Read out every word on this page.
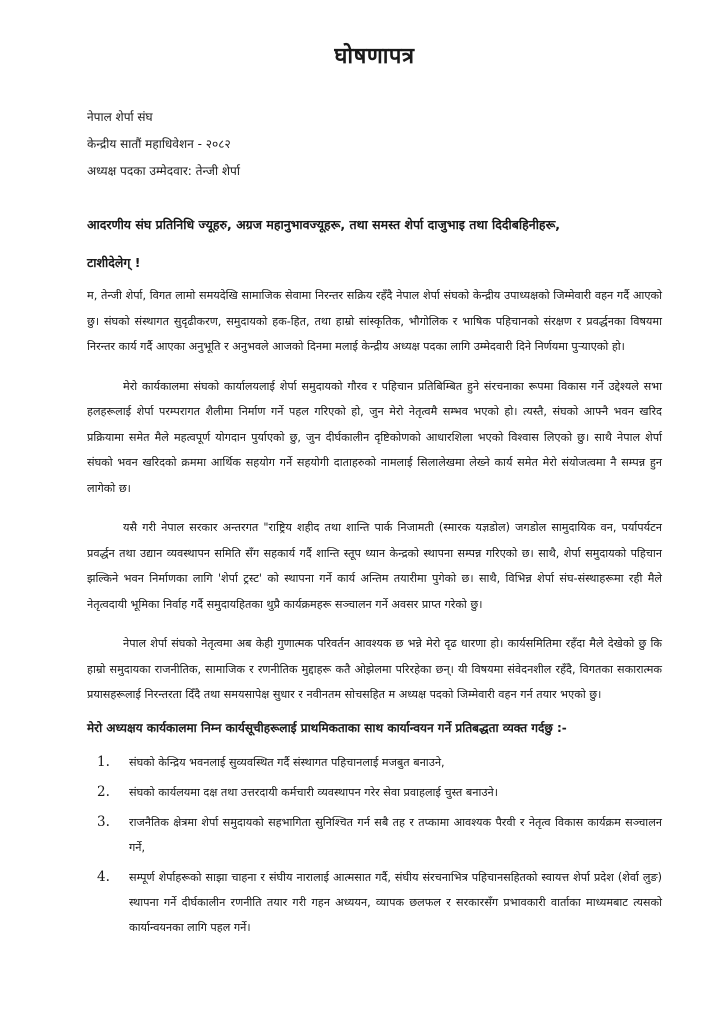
घोषणापत्र

नेपाल शेर्पा संघ

केन्द्रीय सातौं महाधिवेशन - २०८२

अध्यक्ष पदका उम्मेदवार: तेन्जी शेर्पा

आदरणीय संघ प्रतिनिधि ज्यूहरु, अग्रज महानुभावज्यूहरू, तथा समस्त शेर्पा दाजुभाइ तथा दिदीबहिनीहरू,

टाशीदेलेग् !

म, तेन्जी शेर्पा, विगत लामो समयदेखि सामाजिक सेवामा निरन्तर सक्रिय रहँदै नेपाल शेर्पा संघको केन्द्रीय उपाध्यक्षको जिम्मेवारी वहन गर्दै आएको छु। संघको संस्थागत सुदृढीकरण, समुदायको हक-हित, तथा हाम्रो सांस्कृतिक, भौगोलिक र भाषिक पहिचानको संरक्षण र प्रवर्द्धनका विषयमा निरन्तर कार्य गर्दै आएका अनुभूति र अनुभवले आजको दिनमा मलाई केन्द्रीय अध्यक्ष पदका लागि उम्मेदवारी दिने निर्णयमा पुऱ्याएको हो।

मेरो कार्यकालमा संघको कार्यालयलाई शेर्पा समुदायको गौरव र पहिचान प्रतिबिम्बित हुने संरचनाका रूपमा विकास गर्ने उद्देश्यले सभा हलहरूलाई शेर्पा परम्परागत शैलीमा निर्माण गर्ने पहल गरिएको हो, जुन मेरो नेतृत्वमै सम्भव भएको हो। त्यस्तै, संघको आफ्नै भवन खरिद प्रक्रियामा समेत मैले महत्वपूर्ण योगदान पुर्याएको छु, जुन दीर्घकालीन दृष्टिकोणको आधारशिला भएको विश्वास लिएको छु। साथै नेपाल शेर्पा संघको भवन खरिदको क्रममा आर्थिक सहयोग गर्ने सहयोगी दाताहरुको नामलाई सिलालेखमा लेख्ने कार्य समेत मेरो संयोजत्वमा नै सम्पन्न हुन लागेको छ।

यसै गरी नेपाल सरकार अन्तरगत "राष्ट्रिय शहीद तथा शान्ति पार्क निजामती (स्मारक यज्ञडोल) जगडोल सामुदायिक वन, पर्यापर्यटन प्रवर्द्धन तथा उद्यान व्यवस्थापन समिति सँग सहकार्य गर्दै शान्ति स्तूप ध्यान केन्द्रको स्थापना सम्पन्न गरिएको छ। साथै, शेर्पा समुदायको पहिचान झल्किने भवन निर्माणका लागि 'शेर्पा ट्रस्ट' को स्थापना गर्ने कार्य अन्तिम तयारीमा पुगेको छ। साथै, विभिन्न शेर्पा संघ-संस्थाहरूमा रही मैले नेतृत्वदायी भूमिका निर्वाह गर्दै समुदायहितका थुप्रै कार्यक्रमहरू सञ्चालन गर्ने अवसर प्राप्त गरेको छु।

नेपाल शेर्पा संघको नेतृत्वमा अब केही गुणात्मक परिवर्तन आवश्यक छ भन्ने मेरो दृढ धारणा हो। कार्यसमितिमा रहँदा मैले देखेको छु कि हाम्रो समुदायका राजनीतिक, सामाजिक र रणनीतिक मुद्दाहरू कतै ओझेलमा परिरहेका छन्। यी विषयमा संवेदनशील रहँदै, विगतका सकारात्मक प्रयासहरूलाई निरन्तरता दिँदै तथा समयसापेक्ष सुधार र नवीनतम सोचसहित म अध्यक्ष पदको जिम्मेवारी वहन गर्न तयार भएको छु।

मेरो अध्यक्षय कार्यकालमा निम्न कार्यसूचीहरूलाई प्राथमिकताका साथ कार्यान्वयन गर्ने प्रतिबद्धता व्यक्त गर्दछु :-

1.	संघको केन्द्रिय भवनलाई सुव्यवस्थित गर्दै संस्थागत पहिचानलाई मजबुत बनाउने,
2.	संघको कार्यलयमा दक्ष तथा उत्तरदायी कर्मचारी व्यवस्थापन गरेर सेवा प्रवाहलाई चुस्त बनाउने।
3.	राजनैतिक क्षेत्रमा शेर्पा समुदायको सहभागिता सुनिश्चित गर्न सबै तह र तप्कामा आवश्यक पैरवी र नेतृत्व विकास कार्यक्रम सञ्चालन गर्ने,
4.	सम्पूर्ण शेर्पाहरूको साझा चाहना र संघीय नारालाई आत्मसात गर्दै, संघीय संरचनाभित्र पहिचानसहितको स्वायत्त शेर्पा प्रदेश (शेर्वा लुङ) स्थापना गर्ने दीर्घकालीन रणनीति तयार गरी गहन अध्ययन, व्यापक छलफल र सरकारसँग प्रभावकारी वार्ताका माध्यमबाट त्यसको कार्यान्वयनका लागि पहल गर्ने।
